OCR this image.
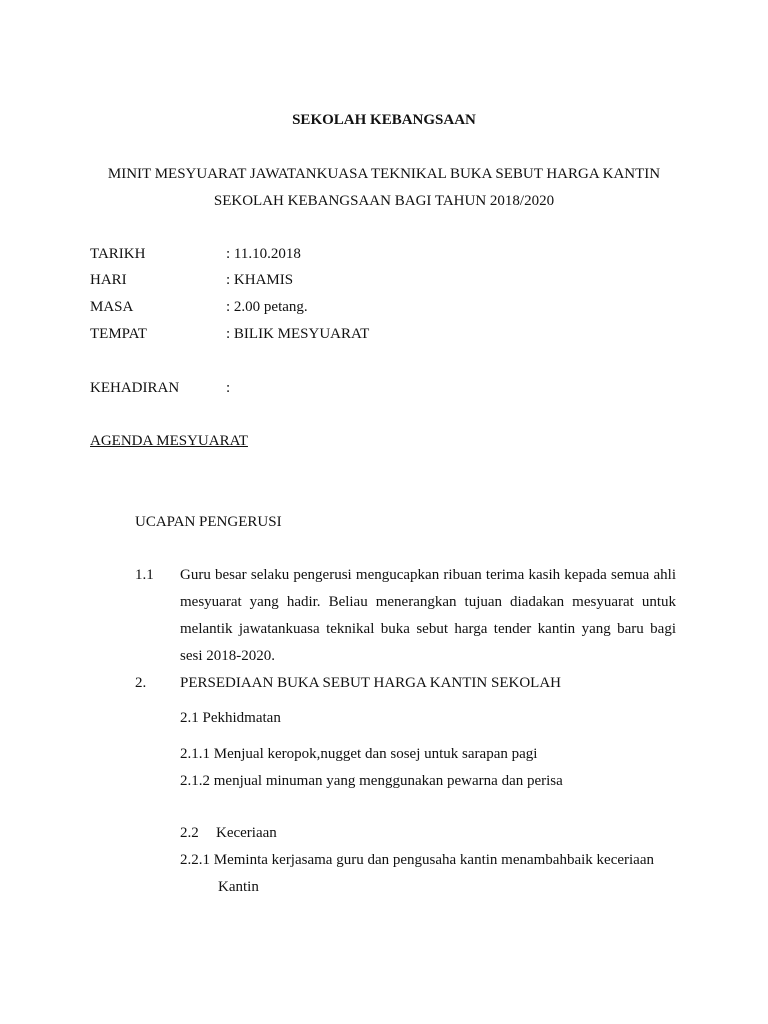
SEKOLAH KEBANGSAAN
MINIT MESYUARAT JAWATANKUASA TEKNIKAL BUKA SEBUT HARGA KANTIN
SEKOLAH KEBANGSAAN BAGI TAHUN 2018/2020
TARIKH	: 11.10.2018
HARI	: KHAMIS
MASA	: 2.00 petang.
TEMPAT	: BILIK MESYUARAT
KEHADIRAN	:
AGENDA MESYUARAT
UCAPAN PENGERUSI
1.1 Guru besar selaku pengerusi mengucapkan ribuan terima kasih kepada semua ahli
mesyuarat yang hadir. Beliau menerangkan tujuan diadakan mesyuarat untuk
melantik jawatankuasa teknikal buka sebut harga tender kantin yang baru bagi
sesi 2018-2020.
2. PERSEDIAAN BUKA SEBUT HARGA KANTIN SEKOLAH
2.1 Pekhidmatan
2.1.1 Menjual keropok,nugget dan sosej untuk sarapan pagi
2.1.2 menjual minuman yang menggunakan pewarna dan perisa
2.2 Keceriaan
2.2.1 Meminta kerjasama guru dan pengusaha kantin menambahbaik keceriaan
Kantin
